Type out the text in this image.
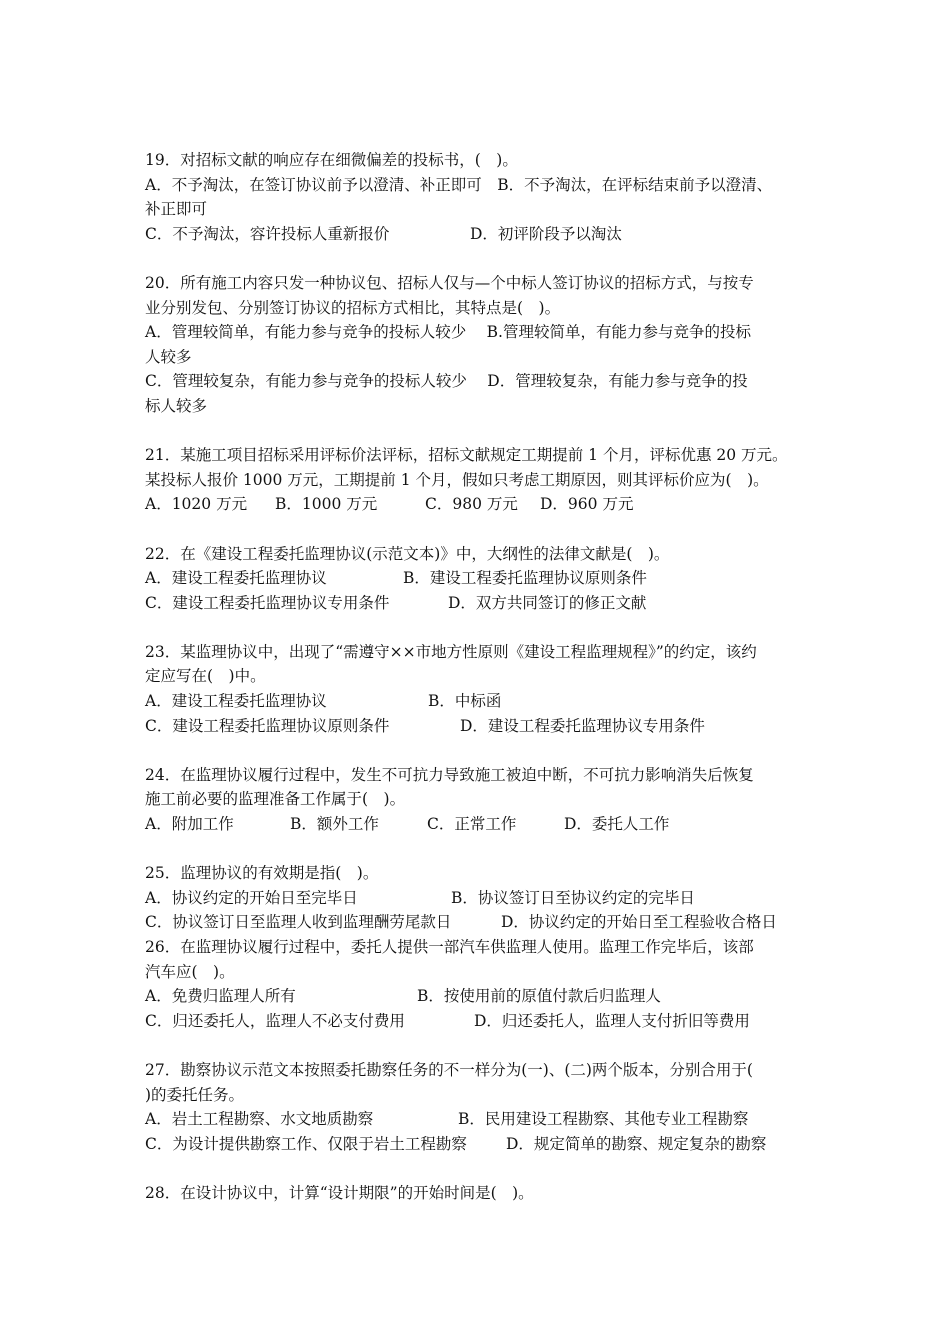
19．对招标文献的响应存在细微偏差的投标书，(　)。
A．不予淘汰，在签订协议前予以澄清、补正即可　B．不予淘汰，在评标结束前予以澄清、
补正即可
C．不予淘汰，容许投标人重新报价	D．初评阶段予以淘汰
20．所有施工内容只发一种协议包、招标人仅与—个中标人签订协议的招标方式，与按专
业分别发包、分别签订协议的招标方式相比，其特点是(　)。
A．管理较简单，有能力参与竞争的投标人较少　 B.管理较简单，有能力参与竞争的投标
人较多
C．管理较复杂，有能力参与竞争的投标人较少　 D．管理较复杂，有能力参与竞争的投
标人较多
21．某施工项目招标采用评标价法评标，招标文献规定工期提前 1 个月，评标优惠 20 万元。
某投标人报价 1000 万元，工期提前 1 个月，假如只考虑工期原因，则其评标价应为(　)。
A．1020 万元 B．1000 万元	C．980 万元 D．960 万元
22．在《建设工程委托监理协议(示范文本)》中，大纲性的法律文献是(　)。
A．建设工程委托监理协议	B．建设工程委托监理协议原则条件
C．建设工程委托监理协议专用条件	D．双方共同签订的修正文献
23．某监理协议中，出现了“需遵守××市地方性原则《建设工程监理规程》”的约定，该约
定应写在(　)中。
A．建设工程委托监理协议	B．中标函
C．建设工程委托监理协议原则条件	D．建设工程委托监理协议专用条件
24．在监理协议履行过程中，发生不可抗力导致施工被迫中断，不可抗力影响消失后恢复
施工前必要的监理准备工作属于(　)。
A．附加工作	B．额外工作	C．正常工作	D．委托人工作
25．监理协议的有效期是指(　)。
A．协议约定的开始日至完毕日	B．协议签订日至协议约定的完毕日
C．协议签订日至监理人收到监理酬劳尾款日	D．协议约定的开始日至工程验收合格日
26．在监理协议履行过程中，委托人提供一部汽车供监理人使用。监理工作完毕后，该部
汽车应(　)。
A．免费归监理人所有	B．按使用前的原值付款后归监理人
C．归还委托人，监理人不必支付费用	D．归还委托人，监理人支付折旧等费用
27．勘察协议示范文本按照委托勘察任务的不一样分为(一)、(二)两个版本，分别合用于(
)的委托任务。
A．岩土工程勘察、水文地质勘察	B．民用建设工程勘察、其他专业工程勘察
C．为设计提供勘察工作、仅限于岩土工程勘察	D．规定简单的勘察、规定复杂的勘察
28．在设计协议中，计算“设计期限”的开始时间是(　)。
